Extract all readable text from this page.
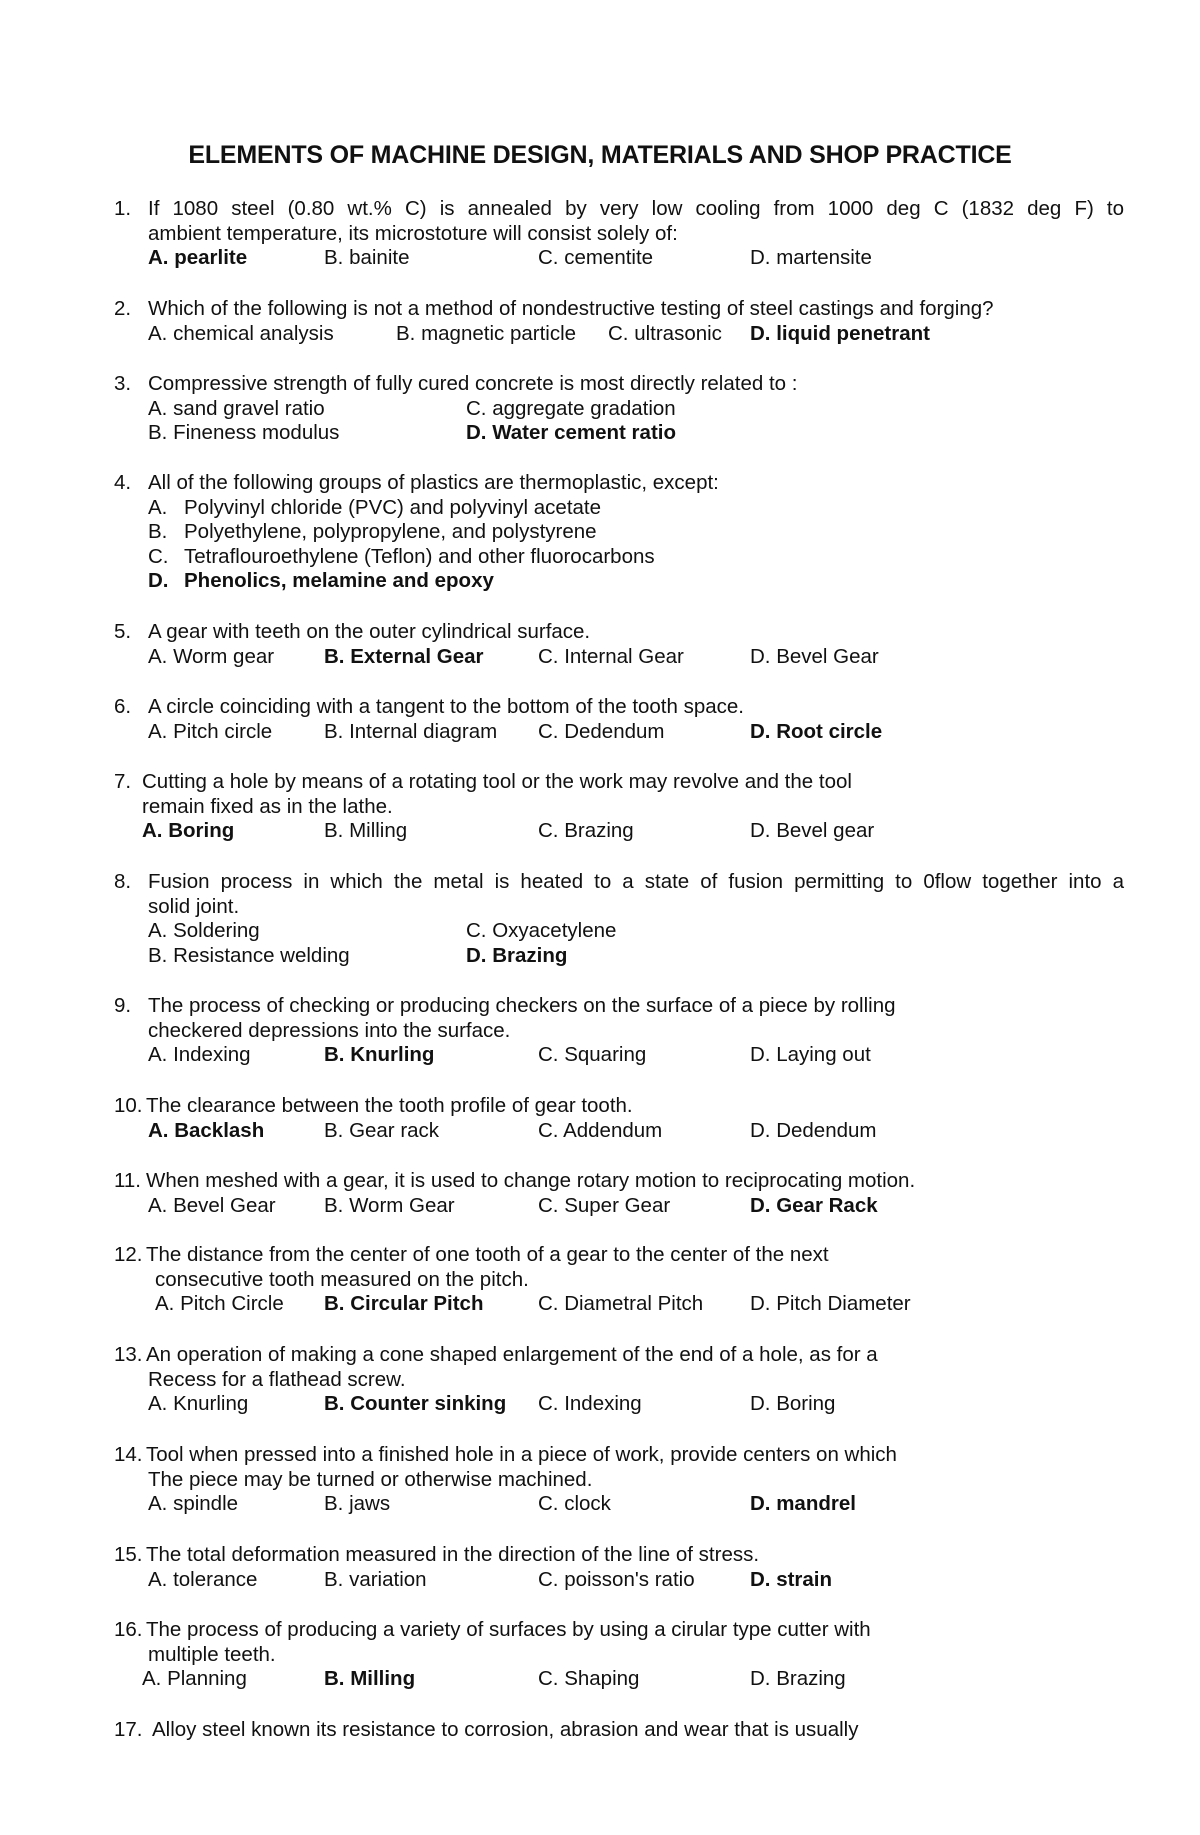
ELEMENTS OF MACHINE DESIGN, MATERIALS AND SHOP PRACTICE
1. If 1080 steel (0.80 wt.% C) is annealed by very low cooling from 1000 deg C (1832 deg F) to
ambient temperature, its microstoture will consist solely of:
A. pearlite	B. bainite	C. cementite	D. martensite
2. Which of the following is not a method of nondestructive testing of steel castings and forging?
A. chemical analysis	B. magnetic particle C. ultrasonic D. liquid penetrant
3. Compressive strength of fully cured concrete is most directly related to :
A. sand gravel ratio	C. aggregate gradation
B. Fineness modulus	D. Water cement ratio
4. All of the following groups of plastics are thermoplastic, except:
A. Polyvinyl chloride (PVC) and polyvinyl acetate
B. Polyethylene, polypropylene, and polystyrene
C. Tetraflouroethylene (Teflon) and other fluorocarbons
D. Phenolics, melamine and epoxy
5. A gear with teeth on the outer cylindrical surface.
A. Worm gear B. External Gear	C. Internal Gear	D. Bevel Gear
6. A circle coinciding with a tangent to the bottom of the tooth space.
A. Pitch circle	B. Internal diagram C. Dedendum	D. Root circle
7. Cutting a hole by means of a rotating tool or the work may revolve and the tool
remain fixed as in the lathe.
A. Boring	B. Milling	C. Brazing	D. Bevel gear
8. Fusion process in which the metal is heated to a state of fusion permitting to 0flow together into a
solid joint.
A. Soldering	C. Oxyacetylene
B. Resistance welding	D. Brazing
9. The process of checking or producing checkers on the surface of a piece by rolling
checkered depressions into the surface.
A. Indexing	B. Knurling	C. Squaring	D. Laying out
10. The clearance between the tooth profile of gear tooth.
A. Backlash	B. Gear rack	C. Addendum	D. Dedendum
11. When meshed with a gear, it is used to change rotary motion to reciprocating motion.
A. Bevel Gear B. Worm Gear	C. Super Gear	D. Gear Rack
12. The distance from the center of one tooth of a gear to the center of the next
consecutive tooth measured on the pitch.
A. Pitch Circle B. Circular Pitch	C. Diametral Pitch D. Pitch Diameter
13. An operation of making a cone shaped enlargement of the end of a hole, as for a
Recess for a flathead screw.
A. Knurling	B. Counter sinking C. Indexing	D. Boring
14. Tool when pressed into a finished hole in a piece of work, provide centers on which
The piece may be turned or otherwise machined.
A. spindle	B. jaws	C. clock	D. mandrel
15. The total deformation measured in the direction of the line of stress.
A. tolerance	B. variation	C. poisson's ratio	D. strain
16. The process of producing a variety of surfaces by using a cirular type cutter with
multiple teeth.
A. Planning	B. Milling	C. Shaping	D. Brazing
17. Alloy steel known its resistance to corrosion, abrasion and wear that is usually
